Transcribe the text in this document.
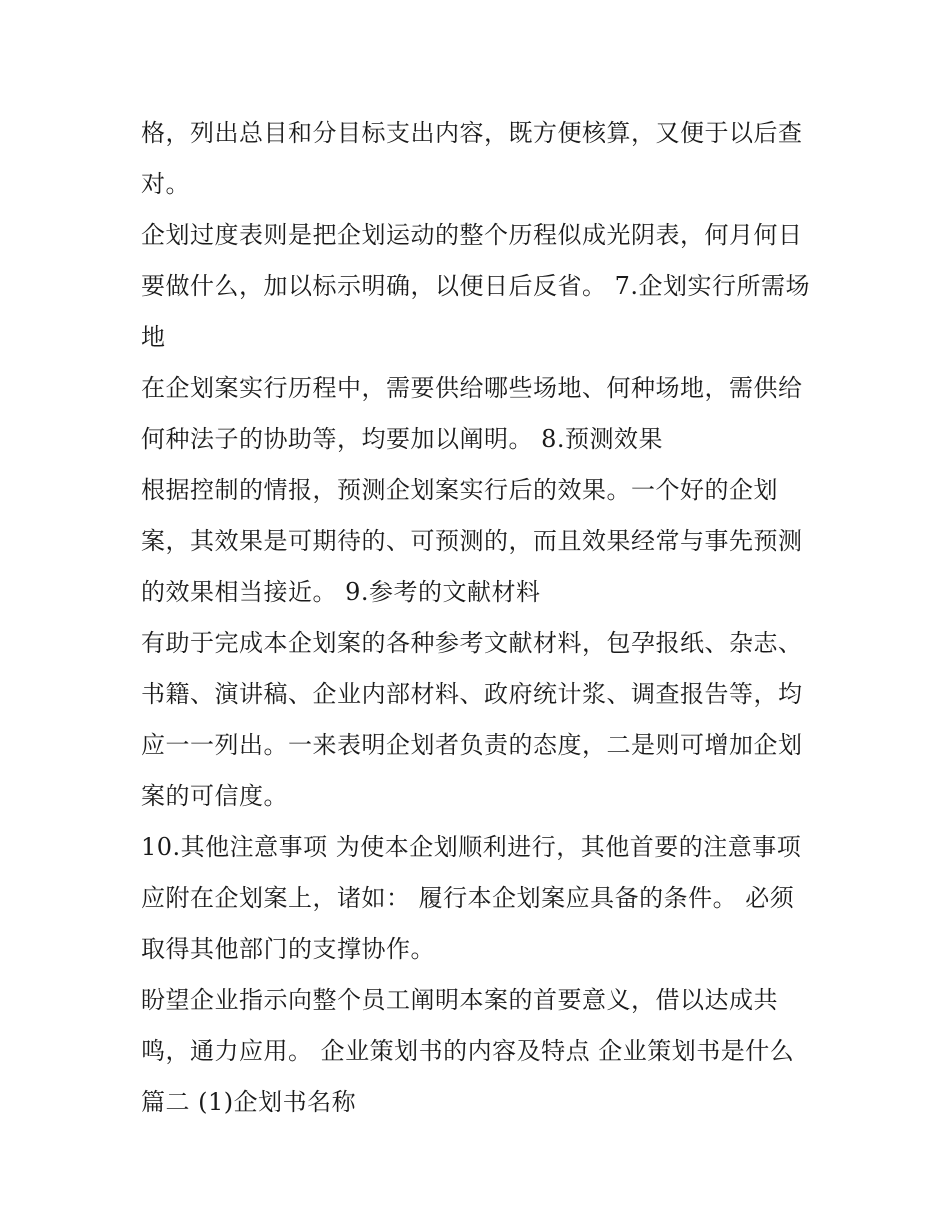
格，列出总目和分目标支出内容，既方便核算，又便于以后查
对。
企划过度表则是把企划运动的整个历程似成光阴表，何月何日
要做什么，加以标示明确，以便日后反省。 7.企划实行所需场
地
在企划案实行历程中，需要供给哪些场地、何种场地，需供给
何种法子的协助等，均要加以阐明。 8.预测效果
根据控制的情报，预测企划案实行后的效果。一个好的企划
案，其效果是可期待的、可预测的，而且效果经常与事先预测
的效果相当接近。 9.参考的文献材料
有助于完成本企划案的各种参考文献材料，包孕报纸、杂志、
书籍、演讲稿、企业内部材料、政府统计浆、调查报告等，均
应一一列出。一来表明企划者负责的态度，二是则可增加企划
案的可信度。
10.其他注意事项 为使本企划顺利进行，其他首要的注意事项
应附在企划案上，诸如： 履行本企划案应具备的条件。 必须
取得其他部门的支撑协作。
盼望企业指示向整个员工阐明本案的首要意义，借以达成共
鸣，通力应用。 企业策划书的内容及特点 企业策划书是什么
篇二 (1)企划书名称
